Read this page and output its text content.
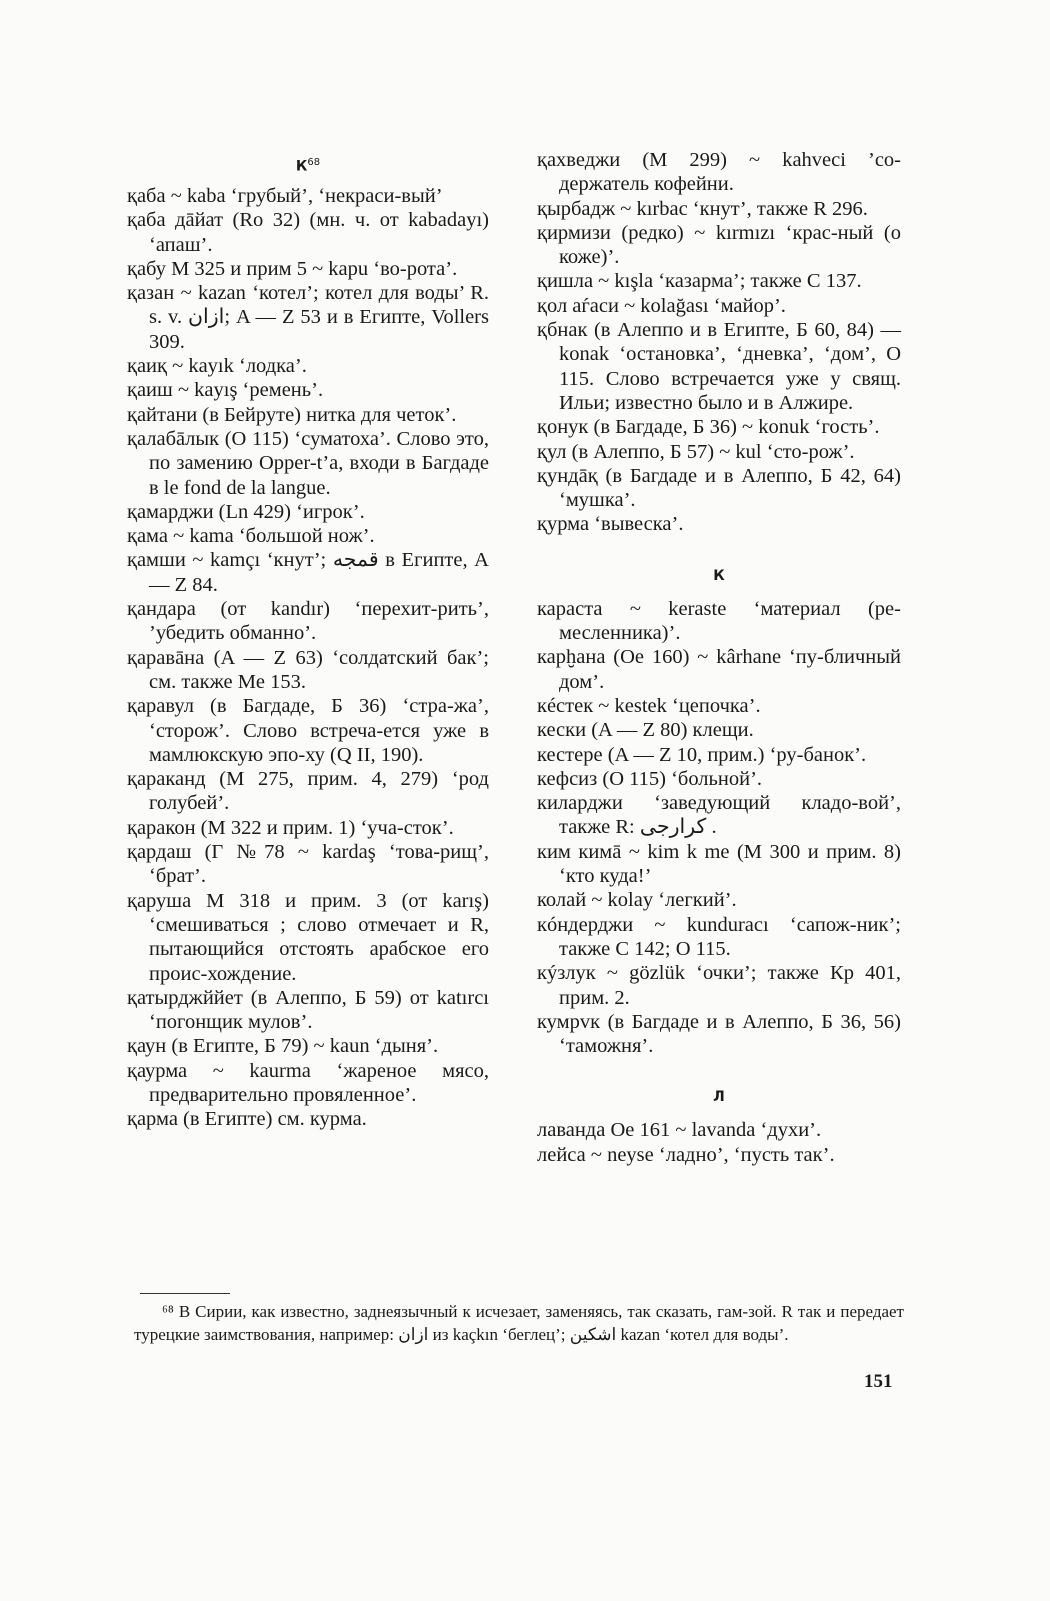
$К^{68}$

қаба ~ kaba ‘грубый’, ‘некраси-вый’

қаба дāйат (Ro 32) (мн. ч. от kabadayı) ‘апаш’.

қабу М 325 и прим 5 ~ kapu ‘во-рота’.

қазан ~ kazan ‘котел’; котел для воды’ R. s. v. ازان; A — Z 53 и в Египте, Vollers 309.

қаиқ ~ kayık ‘лодка’.

қаиш ~ kayış ‘ремень’.

қайтани (в Бейруте) нитка для четок’.

қалабāлык (О 115) ‘суматоха’. Слово это, по замению Opper-t’a, входи в Багдаде в le fond de la langue.

қамарджи (Ln 429) ‘игрок’.

қама ~ kama ‘большой нож’.

қамши ~ kamçı ‘кнут’; قمجه в Египте, A — Z 84.

қандара (от kandır) ‘перехит-рить’, ’убедить обманно’.

қаравāна (A — Z 63) ‘солдатский бак’; см. также Me 153.

қаравул (в Багдаде, Б 36) ‘стра-жа’, ‘сторож’. Слово встреча-ется уже в мамлюкскую эпо-ху (Q II, 190).

қараканд (М 275, прим. 4, 279) ‘род голубей’.

қаракон (М 322 и прим. 1) ‘уча-сток’.

қардаш (Г №78 ~ kardaş ‘това-рищ’, ‘брат’.

қаруша М 318 и прим. 3 (от karış) ‘смешиваться ; слово отмечает и R, пытающийся отстоять арабское его проис-хождение.

қатырджййет (в Алеппо, Б 59) от katırcı ‘погонщик мулов’.

қаун (в Египте, Б 79) ~ kaun ‘дыня’.

қаурма ~ kaurma ‘жареное мясо, предварительно провяленное’.

қарма (в Египте) см. курма.

қахведжи (М 299) ~ kahveci ’со-держатель кофейни.

қырбадж ~ kırbac ‘кнут’, также R 296.

қирмизи (редко) ~ kırmızı ‘крас-ный (о коже)’.

қишла ~ kışla ‘казарма’; также С 137.

қол аѓаси ~ kolağası ‘майор’.

қбнак (в Алеппо и в Египте, Б 60, 84) — konak ‘остановка’, ‘дневка’, ‘дом’, О 115. Слово встречается уже у свящ. Ильи; известно было и в Алжире.

қонук (в Багдаде, Б 36) ~ konuk ‘гость’.

қул (в Алеппо, Б 57) ~ kul ‘сто-рож’.

қундāқ (в Багдаде и в Алеппо, Б 42, 64) ‘мушка’.

қурма ‘вывеска’.

К

караста ~ keraste ‘материал (ре-месленника)’.

карḫана (Oe 160) ~ kârhane ‘пу-бличный дом’.

кéстек ~ kestek ‘цепочка’.

кески (A — Z 80) клещи.

кестере (A — Z 10, прим.) ‘ру-банок’.

кефсиз (О 115) ‘больной’.

киларджи ‘заведующий кладо-вой’, также R: كرارجى .

ким кимā ~ kim k me (М 300 и прим. 8) ‘кто куда!’

колай ~ kolay ‘легкий’.

кóндерджи ~ kunduracı ‘сапож-ник’; также С 142; О 115.

кýзлук ~ gözlük ‘очки’; также Кр 401, прим. 2.

кумрvк (в Багдаде и в Алеппо, Б 36, 56) ‘таможня’.

Л

лаванда Oe 161 ~ lavanda ‘духи’.

лейса ~ neyse ‘ладно’, ‘пусть так’.

⁶⁸ В Сирии, как известно, заднеязычный к исчезает, заменяясь, так сказать, гам-зой. R так и передает турецкие заимствования, например: ازان из kaçkın ‘беглец’; اشكين kazan ‘котел для воды’.
151
